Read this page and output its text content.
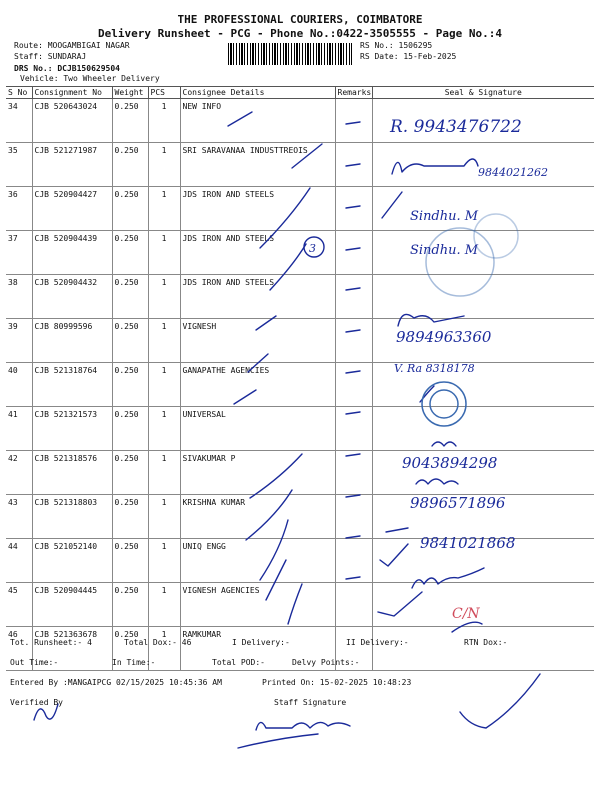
THE PROFESSIONAL COURIERS, COIMBATORE
Delivery Runsheet - PCG - Phone No.:0422-3505555 - Page No.:4
Route: MOOGAMBIGAI NAGAR
Staff: SUNDARAJ
DRS No.: DCJB150629504
Vehicle: Two Wheeler Delivery
RS No.: 1506295
RS Date: 15-Feb-2025
S No	Consignment No	Weight	PCS	Consignee Details	Remarks	Seal & Signature
34	CJB 520643024	0.250	1	NEW INFO		
35	CJB 521271987	0.250	1	SRI SARAVANAA INDUSTTREOIS		
36	CJB 520904427	0.250	1	JDS IRON AND STEELS		
37	CJB 520904439	0.250	1	JDS IRON AND STEELS		
38	CJB 520904432	0.250	1	JDS IRON AND STEELS		
39	CJB 80999596	0.250	1	VIGNESH		
40	CJB 521318764	0.250	1	GANAPATHE AGENCIES		
41	CJB 521321573	0.250	1	UNIVERSAL		
42	CJB 521318576	0.250	1	SIVAKUMAR P		
43	CJB 521318803	0.250	1	KRISHNA KUMAR		
44	CJB 521052140	0.250	1	UNIQ ENGG		
45	CJB 520904445	0.250	1	VIGNESH AGENCIES		
46	CJB 521363678	0.250	1	RAMKUMAR		
3
R. 9943476722
9844021262
Sindhu. M
Sindhu. M
9894963360
V. Ra 8318178
9043894298
9896571896
9841021868
C/N
Tot. Runsheet:- 4	Total Dox:- 46	I Delivery:-	II Delivery:-	RTN Dox:-
Out Time:-	In Time:-	Total POD:-	Delvy Points:-
Entered By :MANGAIPCG 02/15/2025 10:45:36 AM	Printed On: 15-02-2025 10:48:23
Verified By	Staff Signature
